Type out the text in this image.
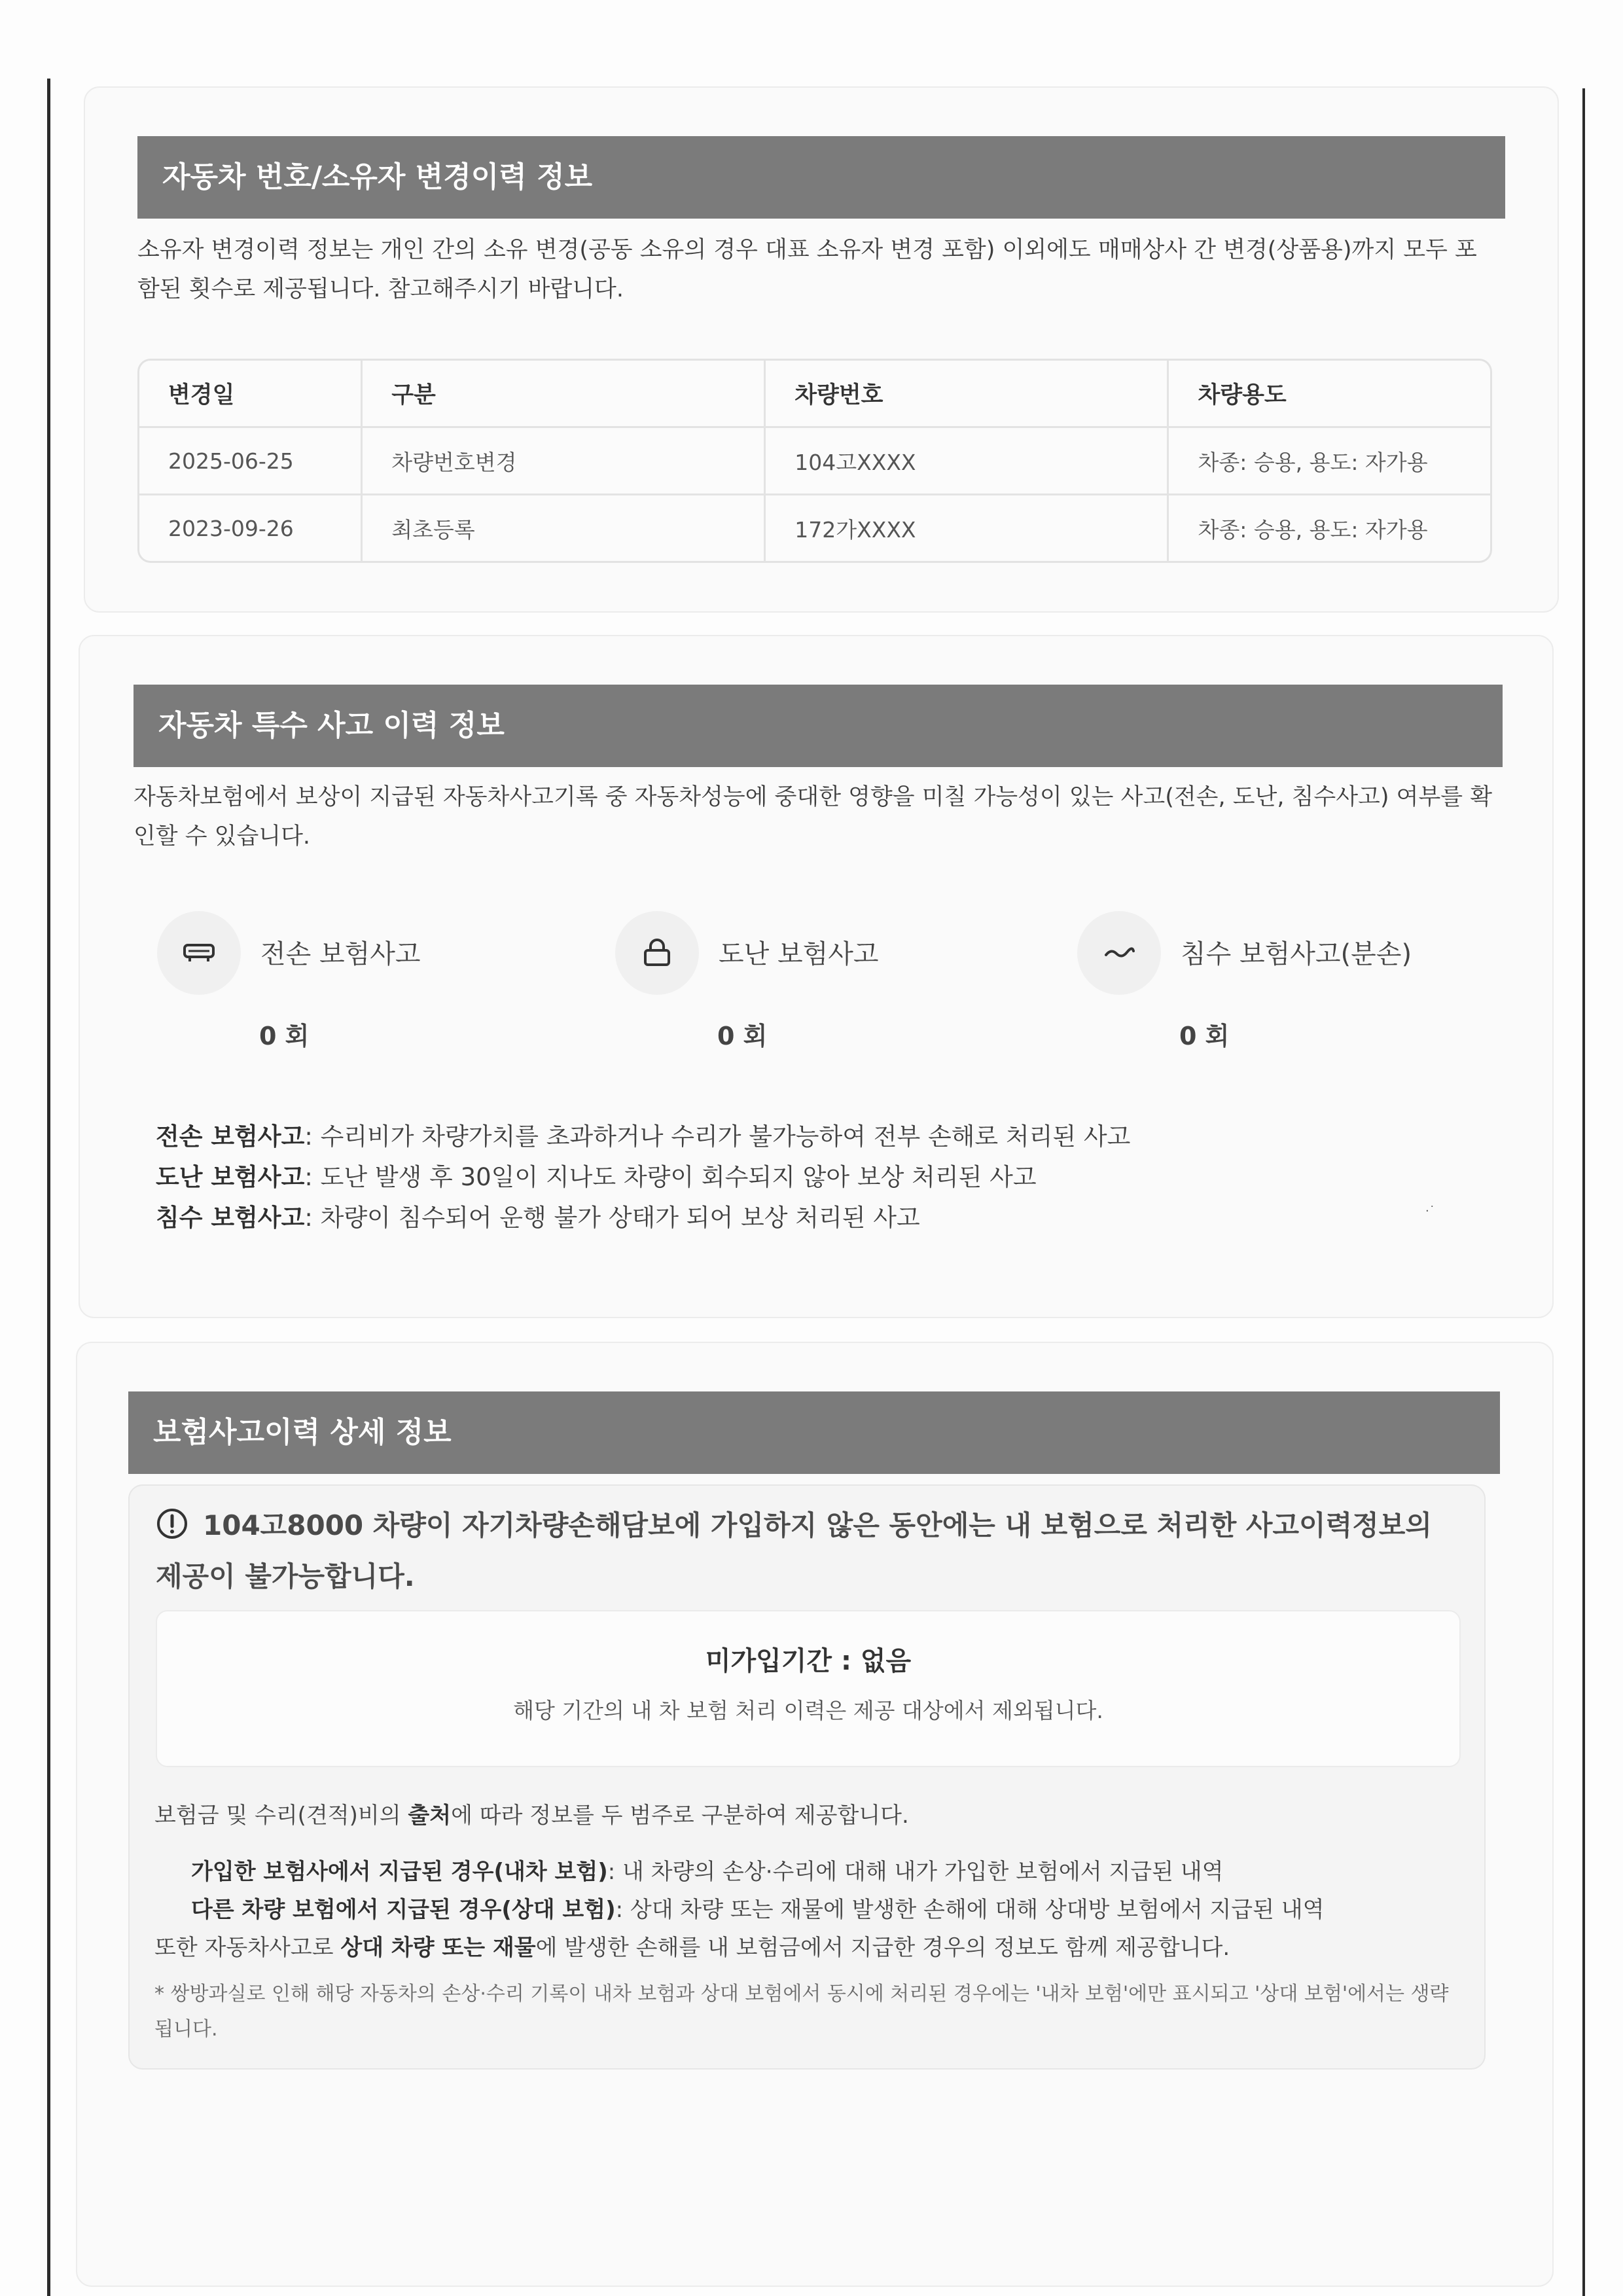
자동차 번호/소유자 변경이력 정보

소유자 변경이력 정보는 개인 간의 소유 변경(공동 소유의 경우 대표 소유자 변경 포함) 이외에도 매매상사 간 변경(상품용)까지 모두 포함된 횟수로 제공됩니다. 참고해주시기 바랍니다.

변경일	구분	차량번호	차량용도
2025-06-25	차량번호변경	104고XXXX	차종: 승용, 용도: 자가용
2023-09-26	최초등록	172가XXXX	차종: 승용, 용도: 자가용
자동차 특수 사고 이력 정보

자동차보험에서 보상이 지급된 자동차사고기록 중 자동차성능에 중대한 영향을 미칠 가능성이 있는 사고(전손, 도난, 침수사고) 여부를 확인할 수 있습니다.

전손 보험사고
0 회
도난 보험사고
0 회
침수 보험사고(분손)
0 회
전손 보험사고: 수리비가 차량가치를 초과하거나 수리가 불가능하여 전부 손해로 처리된 사고
도난 보험사고: 도난 발생 후 30일이 지나도 차량이 회수되지 않아 보상 처리된 사고
침수 보험사고: 차량이 침수되어 운행 불가 상태가 되어 보상 처리된 사고	·˙
보험사고이력 상세 정보

104고8000 차량이 자기차량손해담보에 가입하지 않은 동안에는 내 보험으로 처리한 사고이력정보의 제공이 불가능합니다.

미가입기간 : 없음
해당 기간의 내 차 보험 처리 이력은 제공 대상에서 제외됩니다.
보험금 및 수리(견적)비의 출처에 따라 정보를 두 범주로 구분하여 제공합니다.
가입한 보험사에서 지급된 경우(내차 보험): 내 차량의 손상·수리에 대해 내가 가입한 보험에서 지급된 내역
다른 차량 보험에서 지급된 경우(상대 보험): 상대 차량 또는 재물에 발생한 손해에 대해 상대방 보험에서 지급된 내역
또한 자동차사고로 상대 차량 또는 재물에 발생한 손해를 내 보험금에서 지급한 경우의 정보도 함께 제공합니다.

* 쌍방과실로 인해 해당 자동차의 손상·수리 기록이 내차 보험과 상대 보험에서 동시에 처리된 경우에는 '내차 보험'에만 표시되고 '상대 보험'에서는 생략됩니다.
